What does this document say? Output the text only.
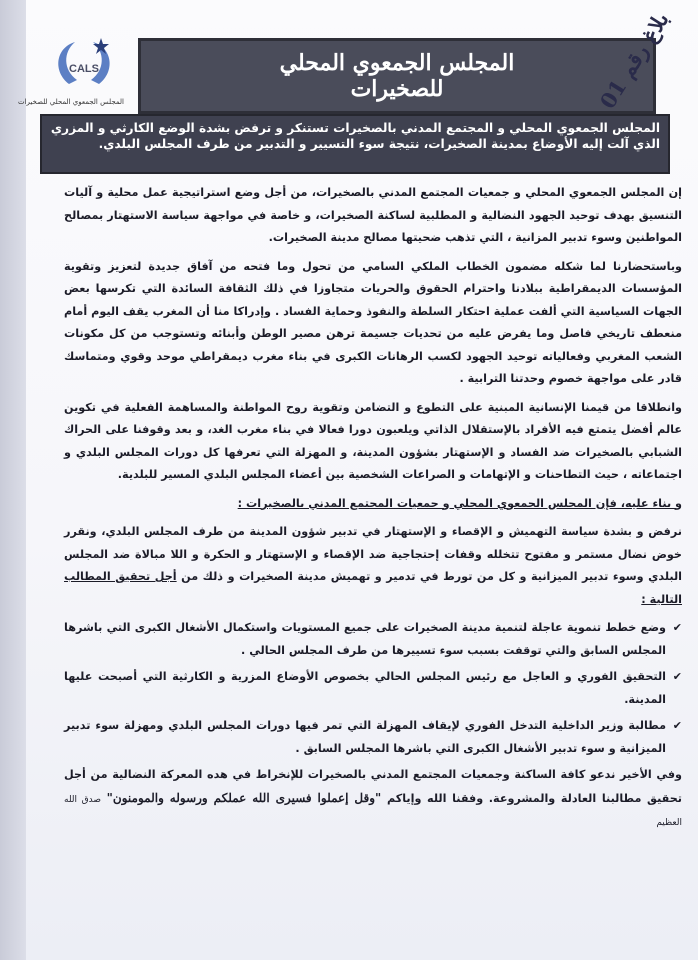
CALS
المجلس الجمعوي المحلي للصخيرات
المجلس الجمعوي المحلي
للصخيرات	بلاغ رقم 01
المجلس الجمعوي المحلي و المجتمع المدني بالصخيرات تستنكر و ترفض بشدة الوضع الكارثي و المزري الذي آلت إليه الأوضاع بمدينة الصخيرات، نتيجة سوء التسيير و التدبير من طرف المجلس البلدي.

إن المجلس الجمعوي المحلي و جمعيات المجتمع المدني بالصخيرات، من أجل وضع استراتيجية عمل محلية و آليات التنسيق بهدف توحيد الجهود النضالية و المطلبية لساكنة الصخيرات، و خاصة في مواجهة سياسة الاستهتار بمصالح المواطنين وسوء تدبير المزانية ، التي تذهب ضحيتها مصالح مدينة الصخيرات.

وباستحضارنا لما شكله مضمون الخطاب الملكي السامي من تحول وما فتحه من آفاق جديدة لتعزيز وتقوية المؤسسات الديمقراطية ببلادنا واحترام الحقوق والحريات متجاوزا في ذلك الثقافة السائدة التي تكرسها بعض الجهات السياسية التي ألفت عملية احتكار السلطة والنفوذ وحماية الفساد . وإدراكا منا أن المغرب يقف اليوم أمام منعطف تاريخي فاصل وما يفرض عليه من تحديات جسيمة ترهن مصير الوطن وأبنائه وتستوجب من كل مكونات الشعب المغربي وفعالياته توحيد الجهود لكسب الرهانات الكبرى في بناء مغرب ديمقراطي موحد وقوي ومتماسك قادر على مواجهة خصوم وحدتنا الترابية .

وانطلاقا من قيمنا الإنسانية المبنية على التطوع و التضامن وتقوية روح المواطنة والمساهمة الفعلية في تكوين عالم أفضل يتمتع فيه الأفراد بالإستقلال الذاتي ويلعبون دورا فعالا في بناء مغرب الغد، و بعد وقوفنا على الحراك الشبابي بالصخيرات ضد الفساد و الإستهتار بشؤون المدينة، و المهزلة التي تعرفها كل دورات المجلس البلدي و اجتماعاته ، حيث التطاحنات و الإتهامات و الصراعات الشخصية بين أعضاء المجلس البلدي المسير للبلدية.

و بناء عليه، فإن المجلس الجمعوي المحلي و جمعيات المجتمع المدني بالصخيرات :

نرفض و بشدة سياسة التهميش و الإقصاء و الإستهتار في تدبير شؤون المدينة من طرف المجلس البلدي، ونقرر خوض نضال مستمر و مفتوح تتخلله وقفات إحتجاجية ضد الإقصاء و الإستهتار و الحكرة و اللا مبالاة ضد المجلس البلدي وسوء تدبير الميزانية و كل من تورط في تدمير و تهميش مدينة الصخيرات و ذلك من أجل تحقيق المطالب التالية :

✔
وضع خطط تنموية عاجلة لتنمية مدينة الصخيرات على جميع المستويات واستكمال الأشغال الكبرى التي باشرها المجلس السابق والتي توقفت بسبب سوء تسييرها من طرف المجلس الحالي .
✔
التحقيق الفوري و العاجل مع رئيس المجلس الحالي بخصوص الأوضاع المزرية و الكارثية التي أصبحت عليها المدينة.
✔
مطالبة وزير الداخلية التدخل الفوري لإيقاف المهزلة التي تمر فيها دورات المجلس البلدي ومهزلة سوء تدبير الميزانية و سوء تدبير الأشغال الكبرى التي باشرها المجلس السابق .

وفي الأخير ندعو كافة الساكنة وجمعيات المجتمع المدني بالصخيرات للإنخراط في هده المعركة النضالية من أجل تحقيق مطالبنا العادلة والمشروعة. وفقنا الله وإياكم "وقل إعملوا فسيرى الله عملكم ورسوله والمومنون" صدق الله العظيم
